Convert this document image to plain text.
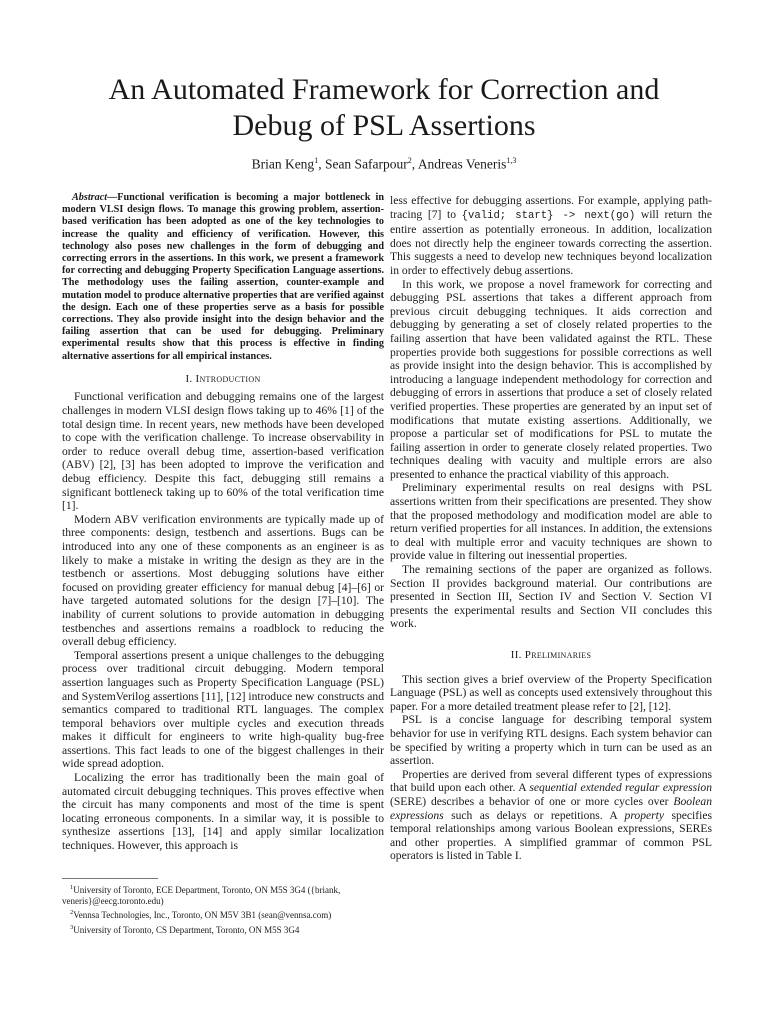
An Automated Framework for Correction and
Debug of PSL Assertions
Brian Keng$^1$, Sean Safarpour$^2$, Andreas Veneris$^{1,3}$

Abstract—Functional verification is becoming a major bottleneck in modern VLSI design flows. To manage this growing problem, assertion-based verification has been adopted as one of the key technologies to increase the quality and efficiency of verification. However, this technology also poses new challenges in the form of debugging and correcting errors in the assertions. In this work, we present a framework for correcting and debugging Property Specification Language assertions. The methodology uses the failing assertion, counter-example and mutation model to produce alternative properties that are verified against the design. Each one of these properties serve as a basis for possible corrections. They also provide insight into the design behavior and the failing assertion that can be used for debugging. Preliminary experimental results show that this process is effective in finding alternative assertions for all empirical instances.

I. Introduction

Functional verification and debugging remains one of the largest challenges in modern VLSI design flows taking up to 46% [1] of the total design time. In recent years, new methods have been developed to cope with the verification challenge. To increase observability in order to reduce overall debug time, assertion-based verification (ABV) [2], [3] has been adopted to improve the verification and debug efficiency. Despite this fact, debugging still remains a significant bottleneck taking up to 60% of the total verification time [1].

Modern ABV verification environments are typically made up of three components: design, testbench and assertions. Bugs can be introduced into any one of these components as an engineer is as likely to make a mistake in writing the design as they are in the testbench or assertions. Most debugging solutions have either focused on providing greater efficiency for manual debug [4]–[6] or have targeted automated solutions for the design [7]–[10]. The inability of current solutions to provide automation in debugging testbenches and assertions remains a roadblock to reducing the overall debug efficiency.

Temporal assertions present a unique challenges to the debugging process over traditional circuit debugging. Modern temporal assertion languages such as Property Specification Language (PSL) and SystemVerilog assertions [11], [12] introduce new constructs and semantics compared to traditional RTL languages. The complex temporal behaviors over multiple cycles and execution threads makes it difficult for engineers to write high-quality bug-free assertions. This fact leads to one of the biggest challenges in their wide spread adoption.

Localizing the error has traditionally been the main goal of automated circuit debugging techniques. This proves effective when the circuit has many components and most of the time is spent locating erroneous components. In a similar way, it is possible to synthesize assertions [13], [14] and apply similar localization techniques. However, this approach is

$^1$University of Toronto, ECE Department, Toronto, ON M5S 3G4 ({briank, veneris}@eecg.toronto.edu)
$^2$Vennsa Technologies, Inc., Toronto, ON M5V 3B1 (sean@vennsa.com)
$^3$University of Toronto, CS Department, Toronto, ON M5S 3G4

less effective for debugging assertions. For example, applying path-tracing [7] to {valid; start} -> next(go) will return the entire assertion as potentially erroneous. In addition, localization does not directly help the engineer towards correcting the assertion. This suggests a need to develop new techniques beyond localization in order to effectively debug assertions.

In this work, we propose a novel framework for correcting and debugging PSL assertions that takes a different approach from previous circuit debugging techniques. It aids correction and debugging by generating a set of closely related properties to the failing assertion that have been validated against the RTL. These properties provide both suggestions for possible corrections as well as provide insight into the design behavior. This is accomplished by introducing a language independent methodology for correction and debugging of errors in assertions that produce a set of closely related verified properties. These properties are generated by an input set of modifications that mutate existing assertions. Additionally, we propose a particular set of modifications for PSL to mutate the failing assertion in order to generate closely related properties. Two techniques dealing with vacuity and multiple errors are also presented to enhance the practical viability of this approach.

Preliminary experimental results on real designs with PSL assertions written from their specifications are presented. They show that the proposed methodology and modification model are able to return verified properties for all instances. In addition, the extensions to deal with multiple error and vacuity techniques are shown to provide value in filtering out inessential properties.

The remaining sections of the paper are organized as follows. Section II provides background material. Our contributions are presented in Section III, Section IV and Section V. Section VI presents the experimental results and Section VII concludes this work.

II. Preliminaries

This section gives a brief overview of the Property Specification Language (PSL) as well as concepts used extensively throughout this paper. For a more detailed treatment please refer to [2], [12].

PSL is a concise language for describing temporal system behavior for use in verifying RTL designs. Each system behavior can be specified by writing a property which in turn can be used as an assertion.

Properties are derived from several different types of expressions that build upon each other. A sequential extended regular expression (SERE) describes a behavior of one or more cycles over Boolean expressions such as delays or repetitions. A property specifies temporal relationships among various Boolean expressions, SEREs and other properties. A simplified grammar of common PSL operators is listed in Table I.
